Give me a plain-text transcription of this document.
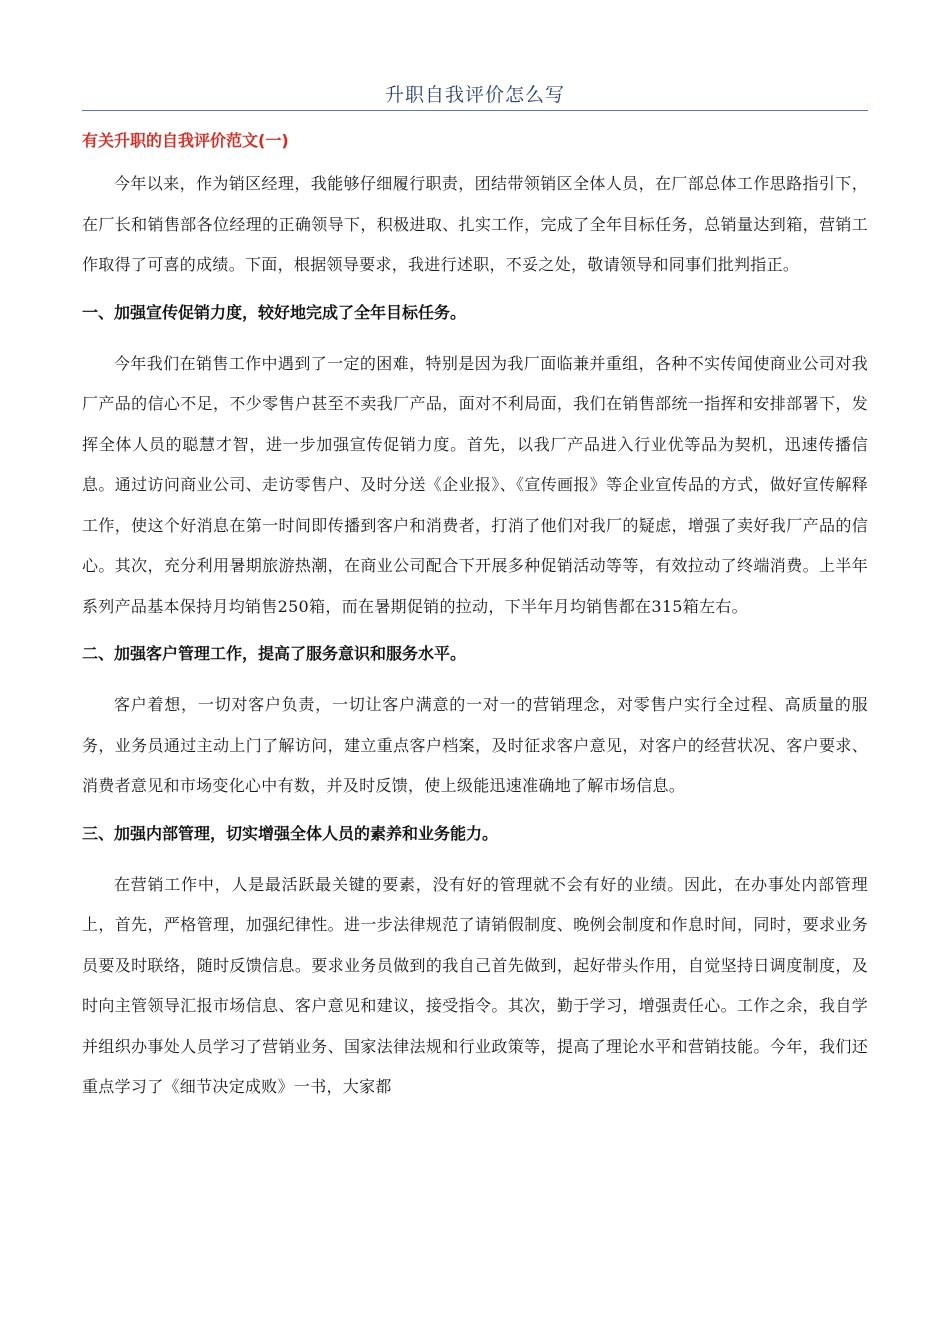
升职自我评价怎么写

有关升职的自我评价范文(一)

今年以来，作为销区经理，我能够仔细履行职责，团结带领销区全体人员，在厂部总体工作思路指引下，在厂长和销售部各位经理的正确领导下，积极进取、扎实工作，完成了全年目标任务，总销量达到箱，营销工作取得了可喜的成绩。下面，根据领导要求，我进行述职，不妥之处，敬请领导和同事们批判指正。

一、加强宣传促销力度，较好地完成了全年目标任务。

今年我们在销售工作中遇到了一定的困难，特别是因为我厂面临兼并重组，各种不实传闻使商业公司对我厂产品的信心不足，不少零售户甚至不卖我厂产品，面对不利局面，我们在销售部统一指挥和安排部署下，发挥全体人员的聪慧才智，进一步加强宣传促销力度。首先，以我厂产品进入行业优等品为契机，迅速传播信息。通过访问商业公司、走访零售户、及时分送《企业报》、《宣传画报》等企业宣传品的方式，做好宣传解释工作，使这个好消息在第一时间即传播到客户和消费者，打消了他们对我厂的疑虑，增强了卖好我厂产品的信心。其次，充分利用暑期旅游热潮，在商业公司配合下开展多种促销活动等等，有效拉动了终端消费。上半年系列产品基本保持月均销售250箱，而在暑期促销的拉动，下半年月均销售都在315箱左右。

二、加强客户管理工作，提高了服务意识和服务水平。

客户着想，一切对客户负责，一切让客户满意的一对一的营销理念，对零售户实行全过程、高质量的服务，业务员通过主动上门了解访问，建立重点客户档案，及时征求客户意见，对客户的经营状况、客户要求、消费者意见和市场变化心中有数，并及时反馈，使上级能迅速准确地了解市场信息。

三、加强内部管理，切实增强全体人员的素养和业务能力。

在营销工作中，人是最活跃最关键的要素，没有好的管理就不会有好的业绩。因此，在办事处内部管理上，首先，严格管理，加强纪律性。进一步法律规范了请销假制度、晚例会制度和作息时间，同时，要求业务员要及时联络，随时反馈信息。要求业务员做到的我自己首先做到，起好带头作用，自觉坚持日调度制度，及时向主管领导汇报市场信息、客户意见和建议，接受指令。其次，勤于学习，增强责任心。工作之余，我自学并组织办事处人员学习了营销业务、国家法律法规和行业政策等，提高了理论水平和营销技能。今年，我们还重点学习了《细节决定成败》一书，大家都
